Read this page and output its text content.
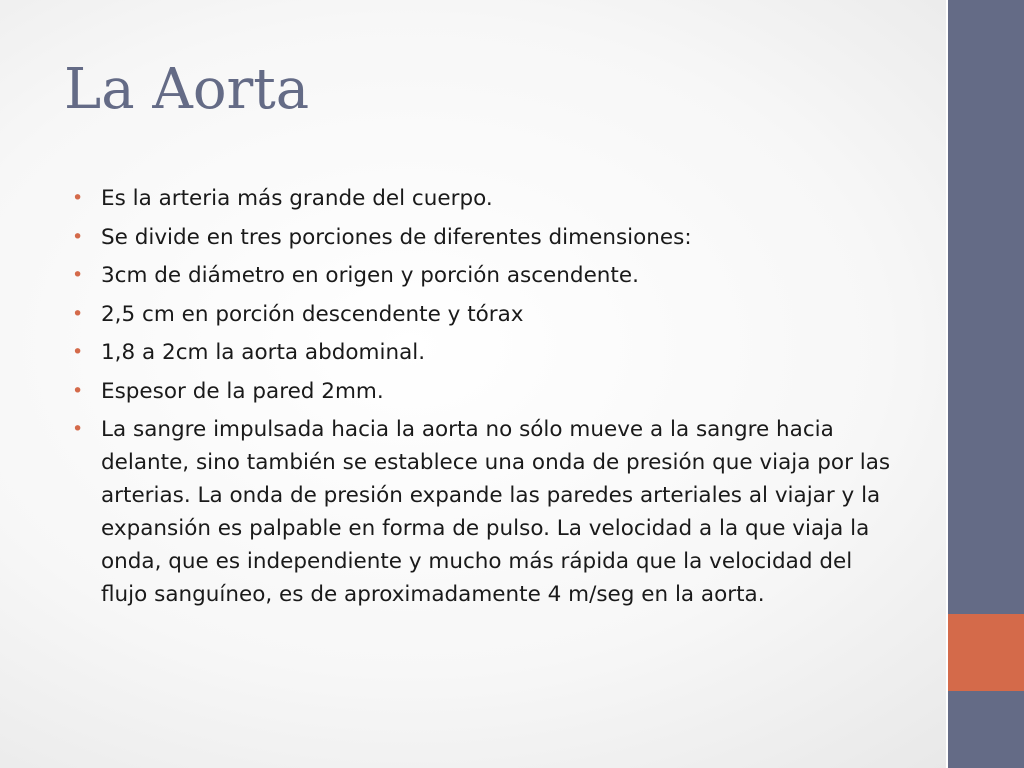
La Aorta
• Es la arteria más grande del cuerpo.
• Se divide en tres porciones de diferentes dimensiones:
• 3cm de diámetro en origen y porción ascendente.
• 2,5 cm en porción descendente y tórax
• 1,8 a 2cm la aorta abdominal.
• Espesor de la pared 2mm.
• La sangre impulsada hacia la aorta no sólo mueve a la sangre hacia delante, sino también se establece una onda de presión que viaja por las arterias. La onda de presión expande las paredes arteriales al viajar y la expansión es palpable en forma de pulso. La velocidad a la que viaja la onda, que es independiente y mucho más rápida que la velocidad del flujo sanguíneo, es de aproximadamente 4 m/seg en la aorta.
